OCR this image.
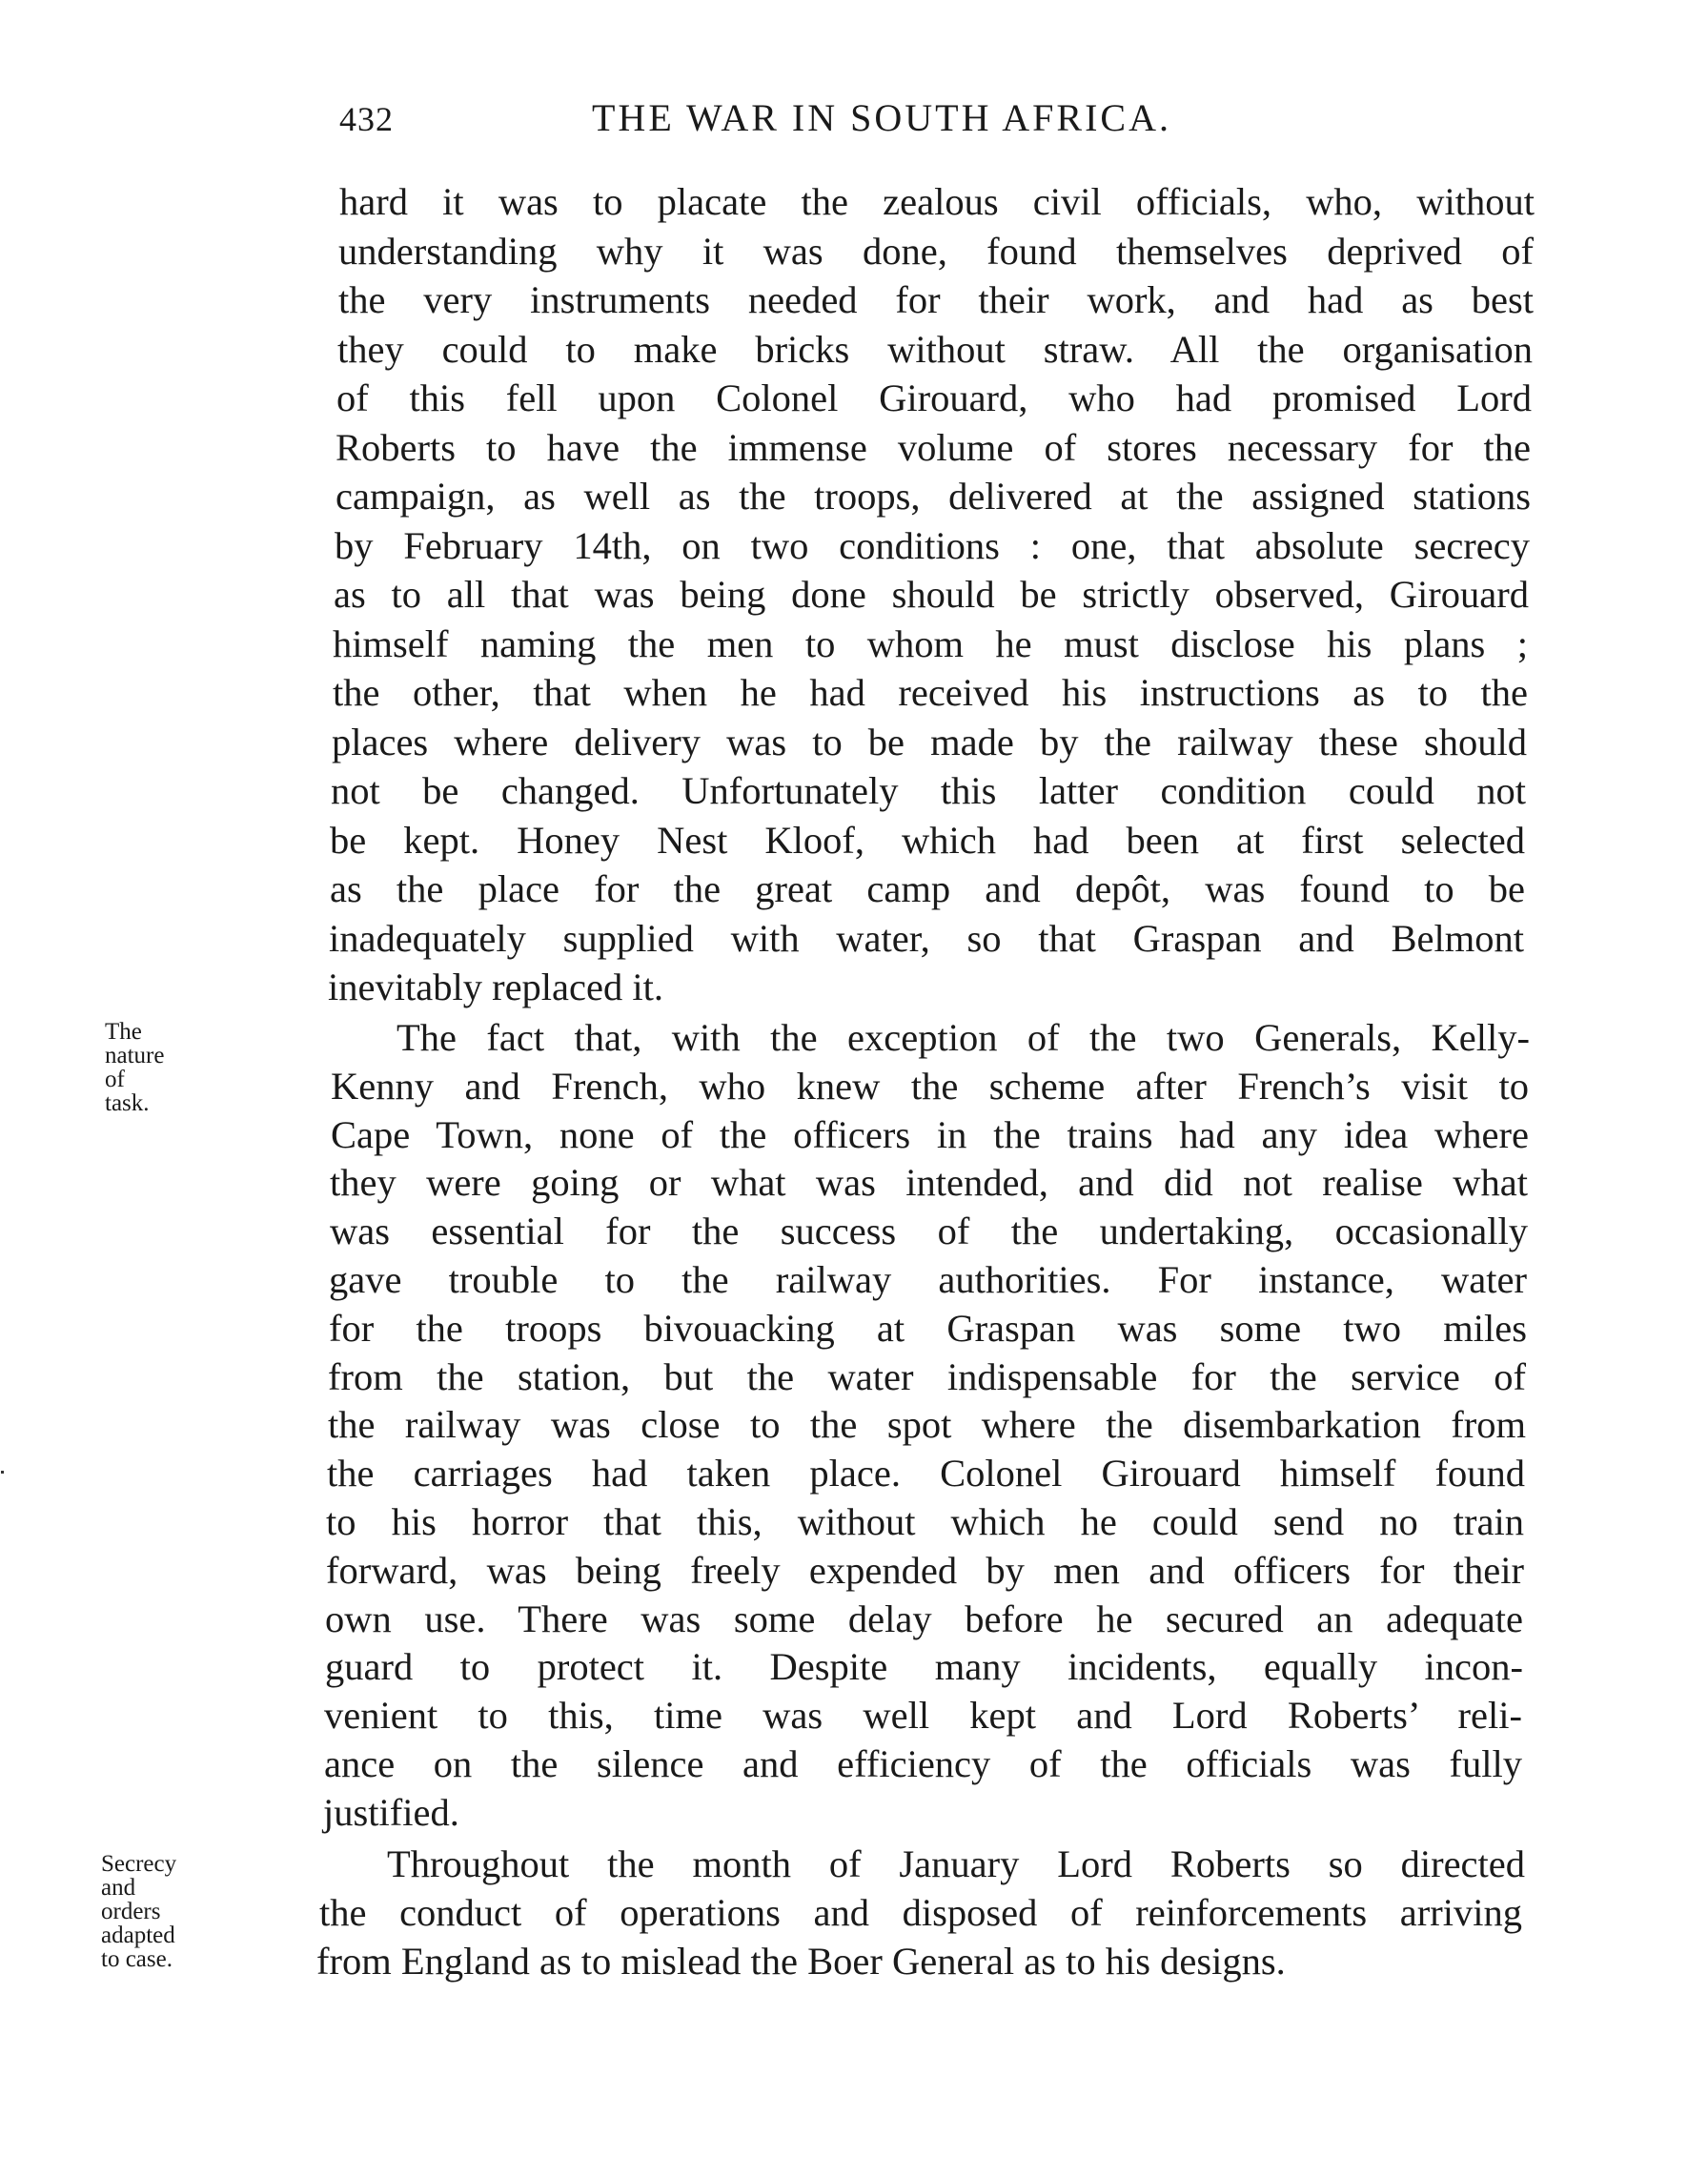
432	THE WAR IN SOUTH AFRICA.
The
nature
of
task.
Secrecy
and
orders
adapted
to case.
hard it was to placate the zealous civil officials, who, without
understanding why it was done, found themselves deprived of
the very instruments needed for their work, and had as best
they could to make bricks without straw. All the organisation
of this fell upon Colonel Girouard, who had promised Lord
Roberts to have the immense volume of stores necessary for the
campaign, as well as the troops, delivered at the assigned stations
by February 14th, on two conditions : one, that absolute secrecy
as to all that was being done should be strictly observed, Girouard
himself naming the men to whom he must disclose his plans ;
the other, that when he had received his instructions as to the
places where delivery was to be made by the railway these should
not be changed. Unfortunately this latter condition could not
be kept. Honey Nest Kloof, which had been at first selected
as the place for the great camp and depôt, was found to be
inadequately supplied with water, so that Graspan and Belmont
inevitably replaced it.
The fact that, with the exception of the two Generals, Kelly-
Kenny and French, who knew the scheme after French’s visit to
Cape Town, none of the officers in the trains had any idea where
they were going or what was intended, and did not realise what
was essential for the success of the undertaking, occasionally
gave trouble to the railway authorities. For instance, water
for the troops bivouacking at Graspan was some two miles
from the station, but the water indispensable for the service of
the railway was close to the spot where the disembarkation from
the carriages had taken place. Colonel Girouard himself found
to his horror that this, without which he could send no train
forward, was being freely expended by men and officers for their
own use. There was some delay before he secured an adequate
guard to protect it. Despite many incidents, equally incon-
venient to this, time was well kept and Lord Roberts’ reli-
ance on the silence and efficiency of the officials was fully
justified.
Throughout the month of January Lord Roberts so directed
the conduct of operations and disposed of reinforcements arriving
from England as to mislead the Boer General as to his designs.
